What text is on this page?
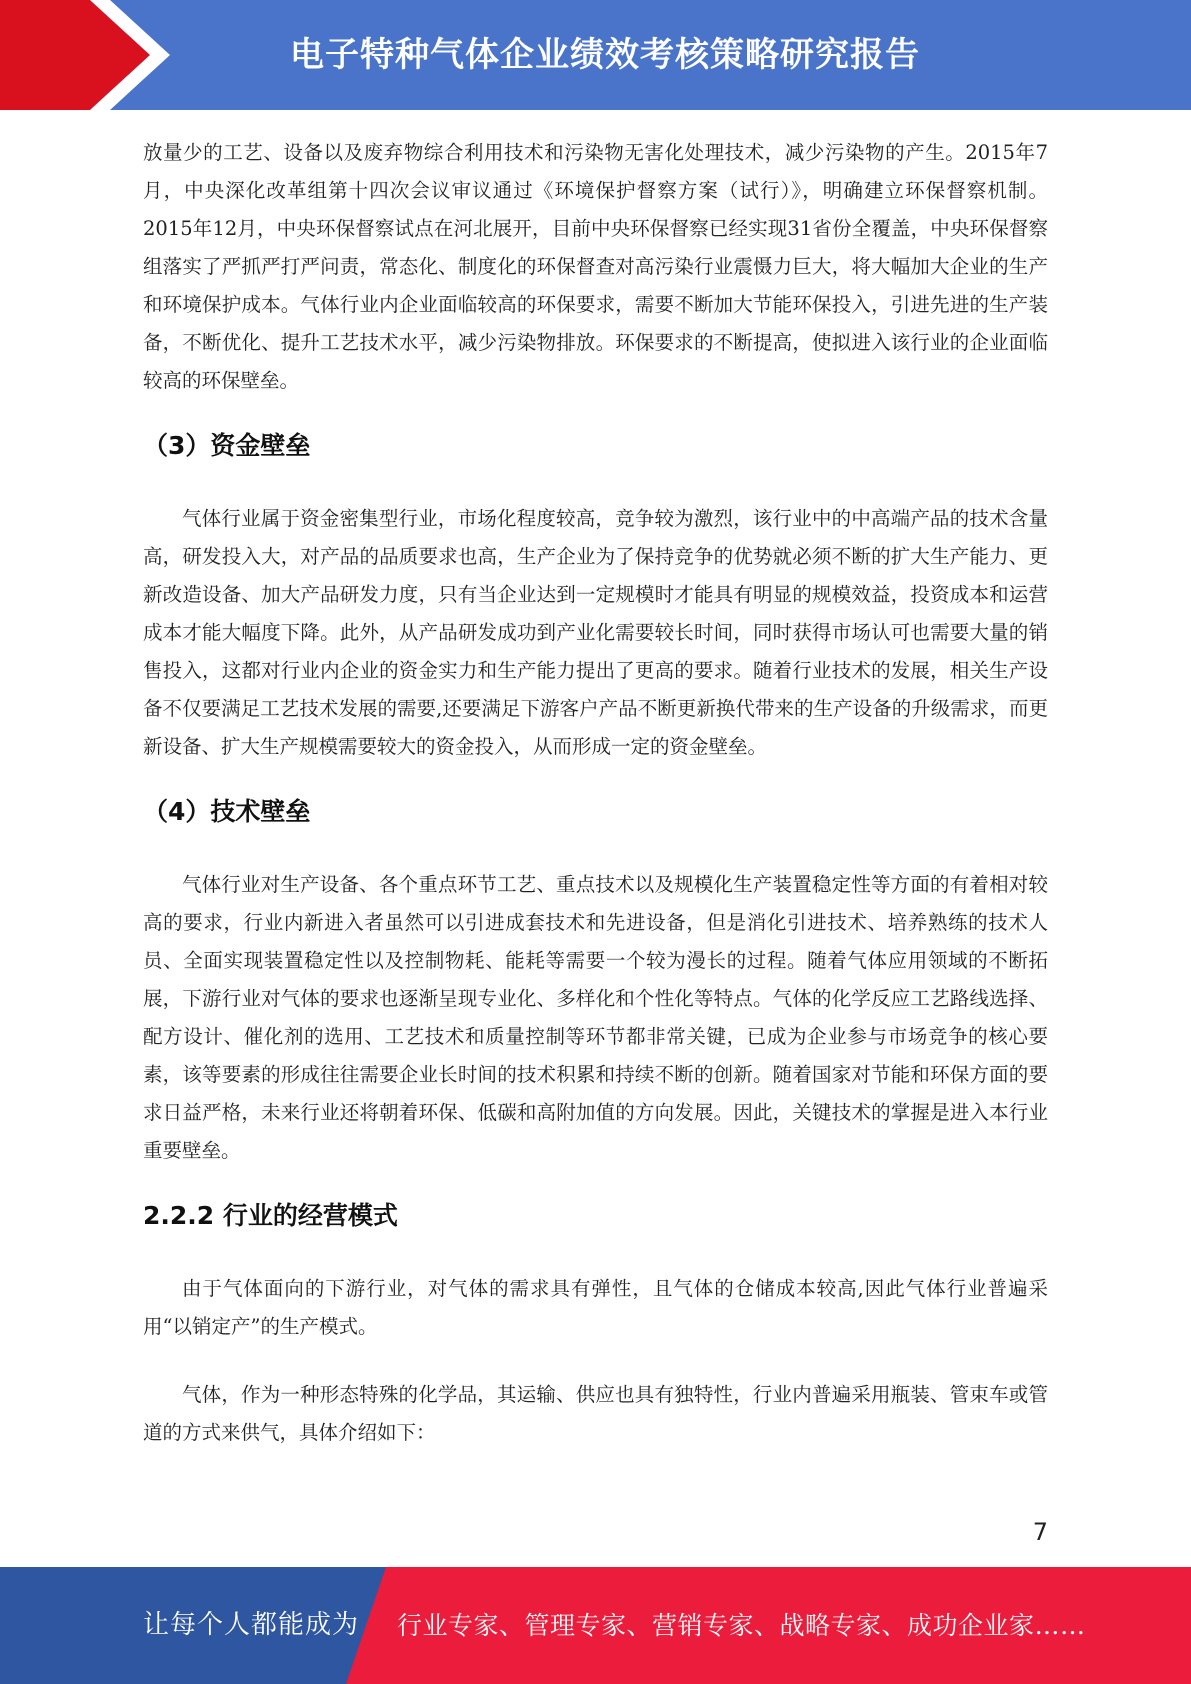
电子特种气体企业绩效考核策略研究报告

放量少的工艺、设备以及废弃物综合利用技术和污染物无害化处理技术，减少污染物的产生。2015年7月，中央深化改革组第十四次会议审议通过《环境保护督察方案（试行）》，明确建立环保督察机制。2015年12月，中央环保督察试点在河北展开，目前中央环保督察已经实现31省份全覆盖，中央环保督察组落实了严抓严打严问责，常态化、制度化的环保督查对高污染行业震慑力巨大，将大幅加大企业的生产和环境保护成本。气体行业内企业面临较高的环保要求，需要不断加大节能环保投入，引进先进的生产装备，不断优化、提升工艺技术水平，减少污染物排放。环保要求的不断提高，使拟进入该行业的企业面临较高的环保壁垒。

（3）资金壁垒

气体行业属于资金密集型行业，市场化程度较高，竞争较为激烈，该行业中的中高端产品的技术含量高，研发投入大，对产品的品质要求也高，生产企业为了保持竞争的优势就必须不断的扩大生产能力、更新改造设备、加大产品研发力度，只有当企业达到一定规模时才能具有明显的规模效益，投资成本和运营成本才能大幅度下降。此外，从产品研发成功到产业化需要较长时间，同时获得市场认可也需要大量的销售投入，这都对行业内企业的资金实力和生产能力提出了更高的要求。随着行业技术的发展，相关生产设备不仅要满足工艺技术发展的需要,还要满足下游客户产品不断更新换代带来的生产设备的升级需求，而更新设备、扩大生产规模需要较大的资金投入，从而形成一定的资金壁垒。

（4）技术壁垒

气体行业对生产设备、各个重点环节工艺、重点技术以及规模化生产装置稳定性等方面的有着相对较高的要求，行业内新进入者虽然可以引进成套技术和先进设备，但是消化引进技术、培养熟练的技术人员、全面实现装置稳定性以及控制物耗、能耗等需要一个较为漫长的过程。随着气体应用领域的不断拓展，下游行业对气体的要求也逐渐呈现专业化、多样化和个性化等特点。气体的化学反应工艺路线选择、配方设计、催化剂的选用、工艺技术和质量控制等环节都非常关键，已成为企业参与市场竞争的核心要素，该等要素的形成往往需要企业长时间的技术积累和持续不断的创新。随着国家对节能和环保方面的要求日益严格，未来行业还将朝着环保、低碳和高附加值的方向发展。因此，关键技术的掌握是进入本行业重要壁垒。

2.2.2 行业的经营模式

由于气体面向的下游行业，对气体的需求具有弹性，且气体的仓储成本较高,因此气体行业普遍采用“以销定产”的生产模式。

气体，作为一种形态特殊的化学品，其运输、供应也具有独特性，行业内普遍采用瓶装、管束车或管道的方式来供气，具体介绍如下：

7
让每个人都能成为 行业专家、管理专家、营销专家、战略专家、成功企业家……
